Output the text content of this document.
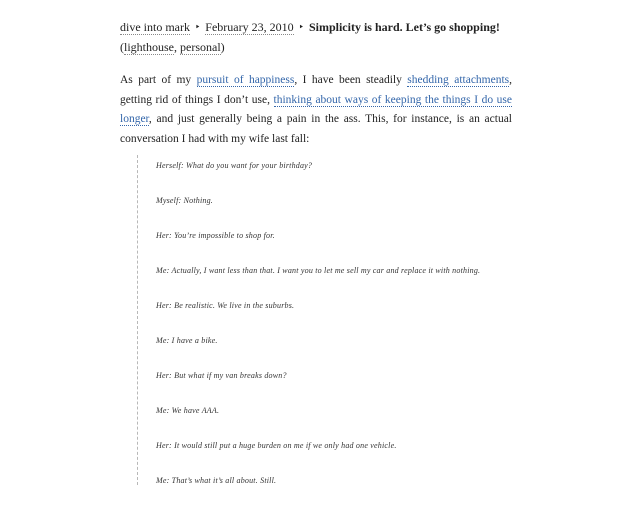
dive into mark ‣ February 23, 2010 ‣ Simplicity is hard. Let’s go shopping! (lighthouse, personal)

As part of my pursuit of happiness, I have been steadily shedding attachments, getting rid of things I don’t use, thinking about ways of keeping the things I do use longer, and just generally being a pain in the ass. This, for instance, is an actual conversation I had with my wife last fall:

Herself: What do you want for your birthday?

Myself: Nothing.

Her: You’re impossible to shop for.

Me: Actually, I want less than that. I want you to let me sell my car and replace it with nothing.

Her: Be realistic. We live in the suburbs.

Me: I have a bike.

Her: But what if my van breaks down?

Me: We have AAA.

Her: It would still put a huge burden on me if we only had one vehicle.

Me: That’s what it’s all about. Still.
